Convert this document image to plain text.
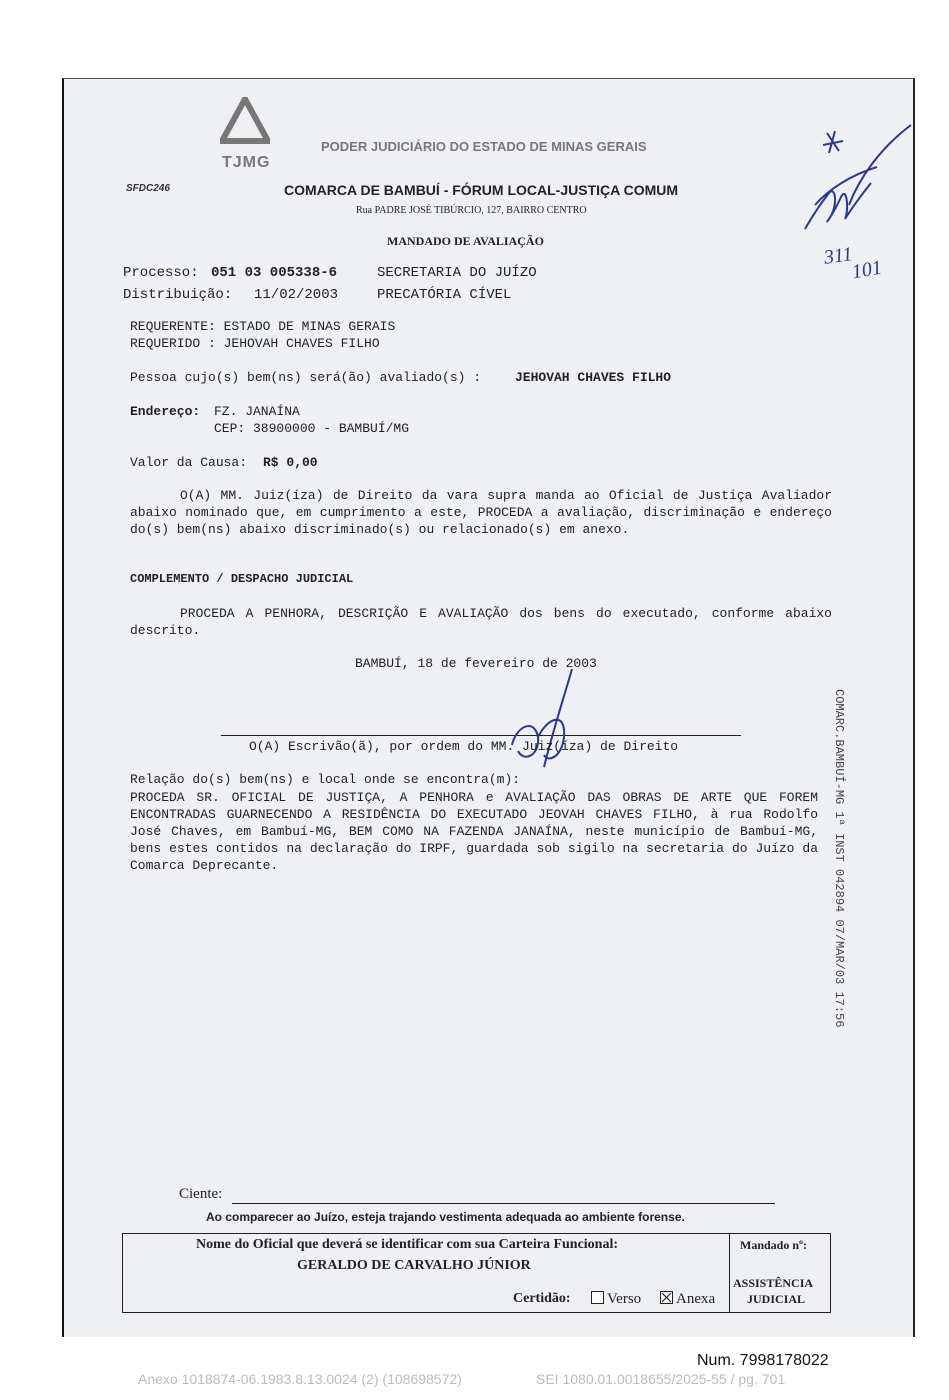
TJMG
PODER JUDICIÁRIO DO ESTADO DE MINAS GERAIS
SFDC246	COMARCA DE BAMBUÍ - FÓRUM LOCAL-JUSTIÇA COMUM
Rua PADRE JOSÉ TIBÚRCIO, 127, BAIRRO CENTRO
MANDADO DE AVALIAÇÃO
Processo: 051 03 005338-6	SECRETARIA DO JUÍZO
Distribuição: 11/02/2003	PRECATÓRIA CÍVEL
REQUERENTE: ESTADO DE MINAS GERAIS
REQUERIDO : JEHOVAH CHAVES FILHO
Pessoa cujo(s) bem(ns) será(ão) avaliado(s) :	JEHOVAH CHAVES FILHO
Endereço: FZ. JANAÍNA
CEP: 38900000 - BAMBUÍ/MG
Valor da Causa: R$ 0,00
O(A) MM. Juiz(íza) de Direito da vara supra manda ao Oficial de Justiça Avaliador abaixo nominado que, em cumprimento a este, PROCEDA a avaliação, discriminação e endereço do(s) bem(ns) abaixo discriminado(s) ou relacionado(s) em anexo.
COMPLEMENTO / DESPACHO JUDICIAL
PROCEDA A PENHORA, DESCRIÇÃO E AVALIAÇÃO dos bens do executado, conforme abaixo descrito.
BAMBUÍ, 18 de fevereiro de 2003
O(A) Escrivão(ã), por ordem do MM. Juiz(íza) de Direito
Relação do(s) bem(ns) e local onde se encontra(m):
PROCEDA SR. OFICIAL DE JUSTIÇA, A PENHORA e AVALIAÇÃO DAS OBRAS DE ARTE QUE FOREM ENCONTRADAS GUARNECENDO A RESIDÊNCIA DO EXECUTADO JEOVAH CHAVES FILHO, à rua Rodolfo José Chaves, em Bambuí-MG, BEM COMO NA FAZENDA JANAÍNA, neste município de Bambuí-MG, bens estes contidos na declaração do IRPF, guardada sob sigilo na secretaria do Juízo da Comarca Deprecante.	COMARC.BAMBUÍ-MG 1ª INST 042894 07/MAR/03 17:56
311
101
Ciente:
Ao comparecer ao Juízo, esteja trajando vestimenta adequada ao ambiente forense.
Nome do Oficial que deverá se identificar com sua Carteira Funcional:
GERALDO DE CARVALHO JÚNIOR
Certidão:	Verso	Anexa
Mandado nº:
ASSISTÊNCIA
JUDICIAL
Num. 7998178022
Anexo 1018874-06.1983.8.13.0024 (2) (108698572)	SEI 1080.01.0018655/2025-55 / pg. 701
